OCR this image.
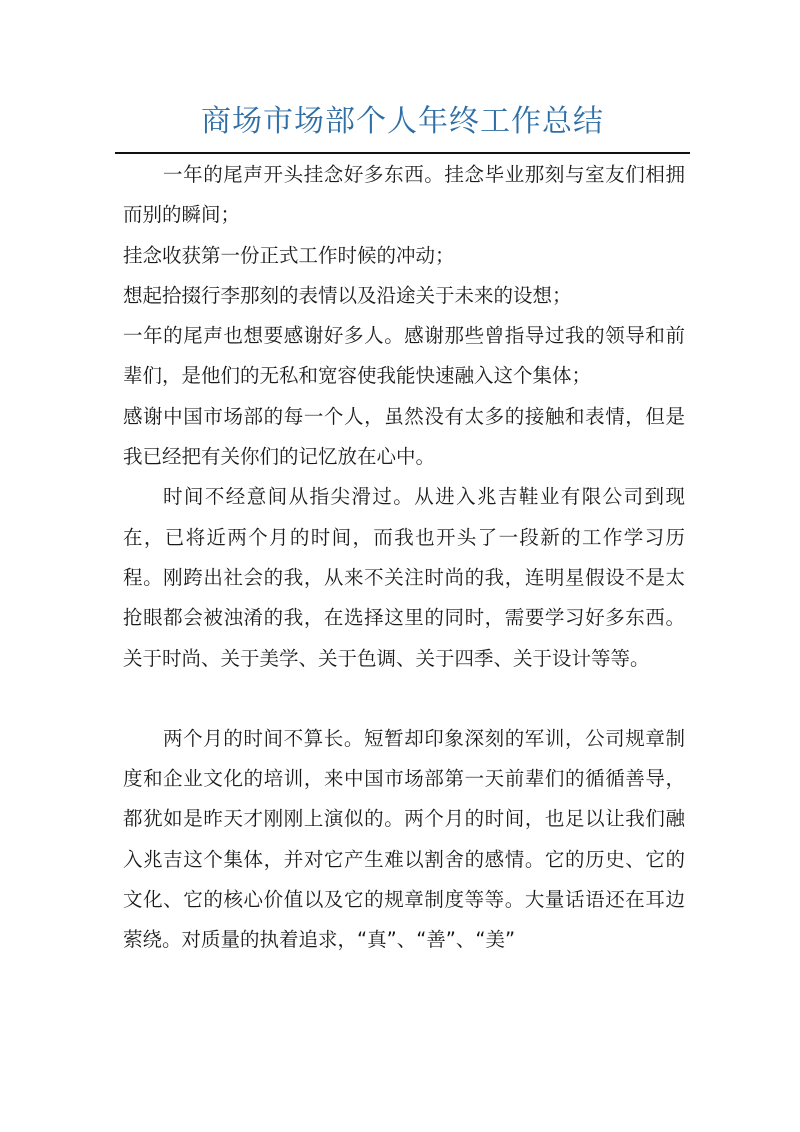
商场市场部个人年终工作总结

一年的尾声开头挂念好多东西。挂念毕业那刻与室友们相拥而别的瞬间；

挂念收获第一份正式工作时候的冲动；

想起拾掇行李那刻的表情以及沿途关于未来的设想；

一年的尾声也想要感谢好多人。感谢那些曾指导过我的领导和前辈们，是他们的无私和宽容使我能快速融入这个集体；

感谢中国市场部的每一个人，虽然没有太多的接触和表情，但是我已经把有关你们的记忆放在心中。

时间不经意间从指尖滑过。从进入兆吉鞋业有限公司到现在，已将近两个月的时间，而我也开头了一段新的工作学习历程。刚跨出社会的我，从来不关注时尚的我，连明星假设不是太抢眼都会被浊淆的我，在选择这里的同时，需要学习好多东西。关于时尚、关于美学、关于色调、关于四季、关于设计等等。

两个月的时间不算长。短暂却印象深刻的军训，公司规章制度和企业文化的培训，来中国市场部第一天前辈们的循循善导，都犹如是昨天才刚刚上演似的。两个月的时间，也足以让我们融入兆吉这个集体，并对它产生难以割舍的感情。它的历史、它的文化、它的核心价值以及它的规章制度等等。大量话语还在耳边萦绕。对质量的执着追求，“真”、“善”、“美”
